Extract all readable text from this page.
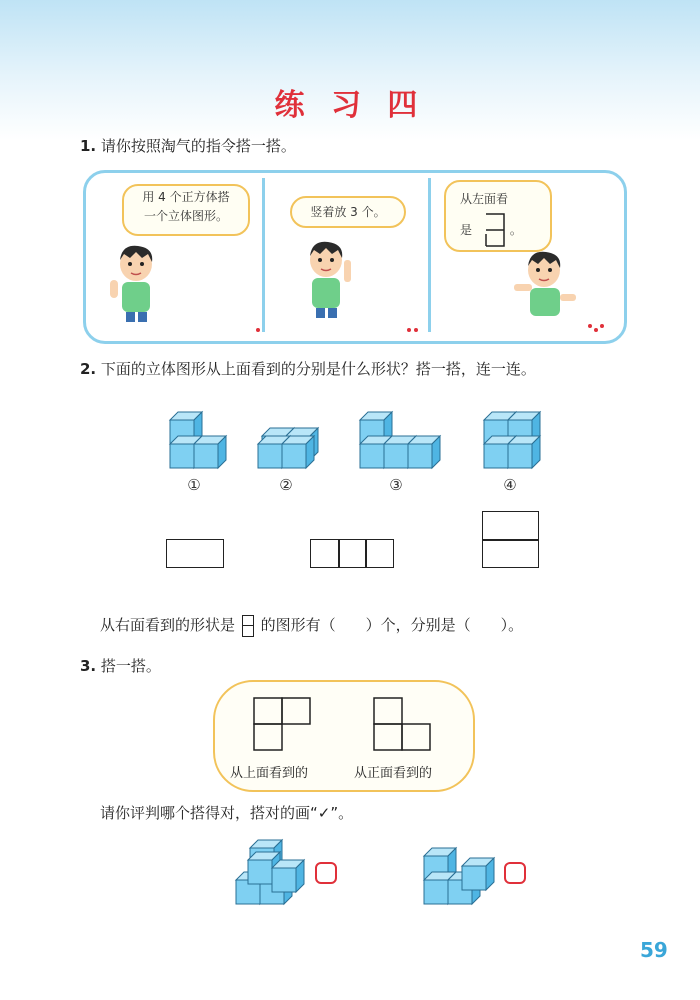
练 习 四
1. 请你按照淘气的指令搭一搭。
用 4 个正方体搭
一个立体图形。	竖着放 3 个。
从左面看
是	。
2. 下面的立体图形从上面看到的分别是什么形状？搭一搭，连一连。
①	②	③	④
从右面看到的形状是 的图形有（　　）个，分别是（　　）。
3. 搭一搭。
从上面看到的	从正面看到的
请你评判哪个搭得对，搭对的画“✓”。
59
